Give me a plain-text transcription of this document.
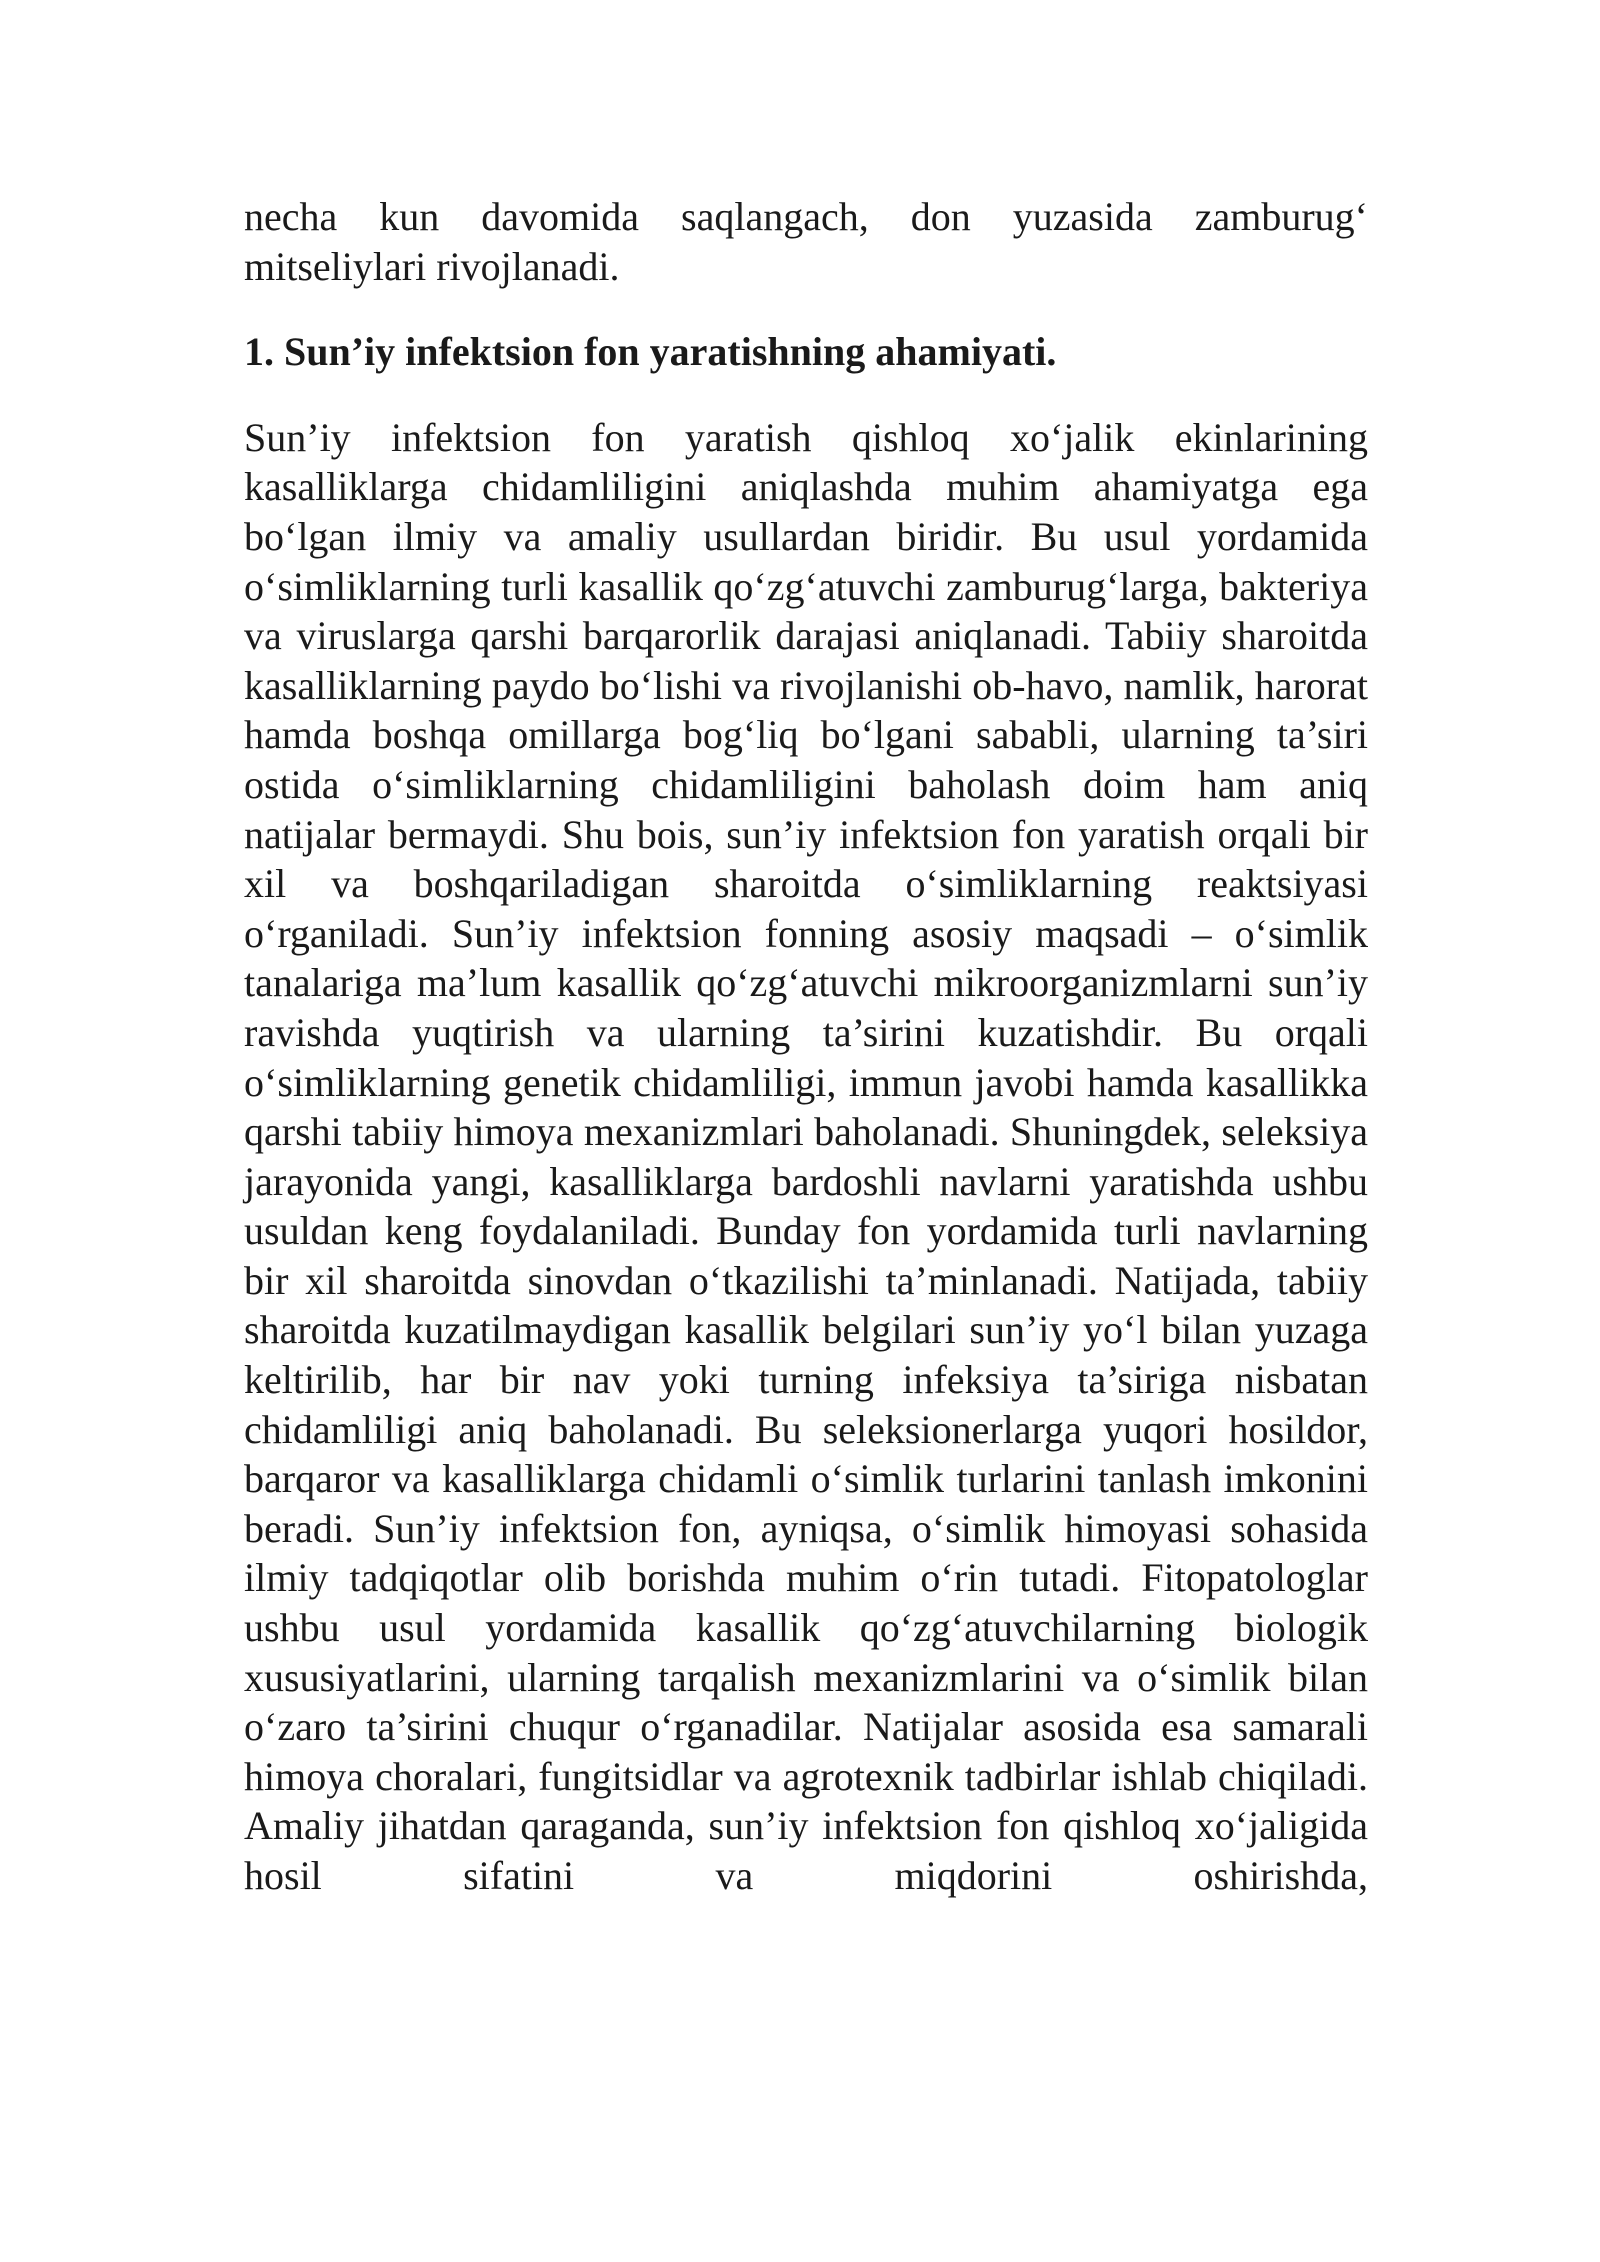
necha kun davomida saqlangach, don yuzasida zamburug‘ mitseliylari rivojlanadi.

1. Sun’iy infektsion fon yaratishning ahamiyati.

Sun’iy infektsion fon yaratish qishloq xo‘jalik ekinlarining kasalliklarga chidamliligini aniqlashda muhim ahamiyatga ega bo‘lgan ilmiy va amaliy usullardan biridir. Bu usul yordamida o‘simliklarning turli kasallik qo‘zg‘atuvchi zamburug‘larga, bakteriya va viruslarga qarshi barqarorlik darajasi aniqlanadi. Tabiiy sharoitda kasalliklarning paydo bo‘lishi va rivojlanishi ob-havo, namlik, harorat hamda boshqa omillarga bog‘liq bo‘lgani sababli, ularning ta’siri ostida o‘simliklarning chidamliligini baholash doim ham aniq natijalar bermaydi. Shu bois, sun’iy infektsion fon yaratish orqali bir xil va boshqariladigan sharoitda o‘simliklarning reaktsiyasi o‘rganiladi. Sun’iy infektsion fonning asosiy maqsadi – o‘simlik tanalariga ma’lum kasallik qo‘zg‘atuvchi mikroorganizmlarni sun’iy ravishda yuqtirish va ularning ta’sirini kuzatishdir. Bu orqali o‘simliklarning genetik chidamliligi, immun javobi hamda kasallikka qarshi tabiiy himoya mexanizmlari baholanadi. Shuningdek, seleksiya jarayonida yangi, kasalliklarga bardoshli navlarni yaratishda ushbu usuldan keng foydalaniladi. Bunday fon yordamida turli navlarning bir xil sharoitda sinovdan o‘tkazilishi ta’minlanadi. Natijada, tabiiy sharoitda kuzatilmaydigan kasallik belgilari sun’iy yo‘l bilan yuzaga keltirilib, har bir nav yoki turning infeksiya ta’siriga nisbatan chidamliligi aniq baholanadi. Bu seleksionerlarga yuqori hosildor, barqaror va kasalliklarga chidamli o‘simlik turlarini tanlash imkonini beradi. Sun’iy infektsion fon, ayniqsa, o‘simlik himoyasi sohasida ilmiy tadqiqotlar olib borishda muhim o‘rin tutadi. Fitopatologlar ushbu usul yordamida kasallik qo‘zg‘atuvchilarning biologik xususiyatlarini, ularning tarqalish mexanizmlarini va o‘simlik bilan o‘zaro ta’sirini chuqur o‘rganadilar. Natijalar asosida esa samarali himoya choralari, fungitsidlar va agrotexnik tadbirlar ishlab chiqiladi. Amaliy jihatdan qaraganda, sun’iy infektsion fon qishloq xo‘jaligida hosil sifatini va miqdorini oshirishda,
